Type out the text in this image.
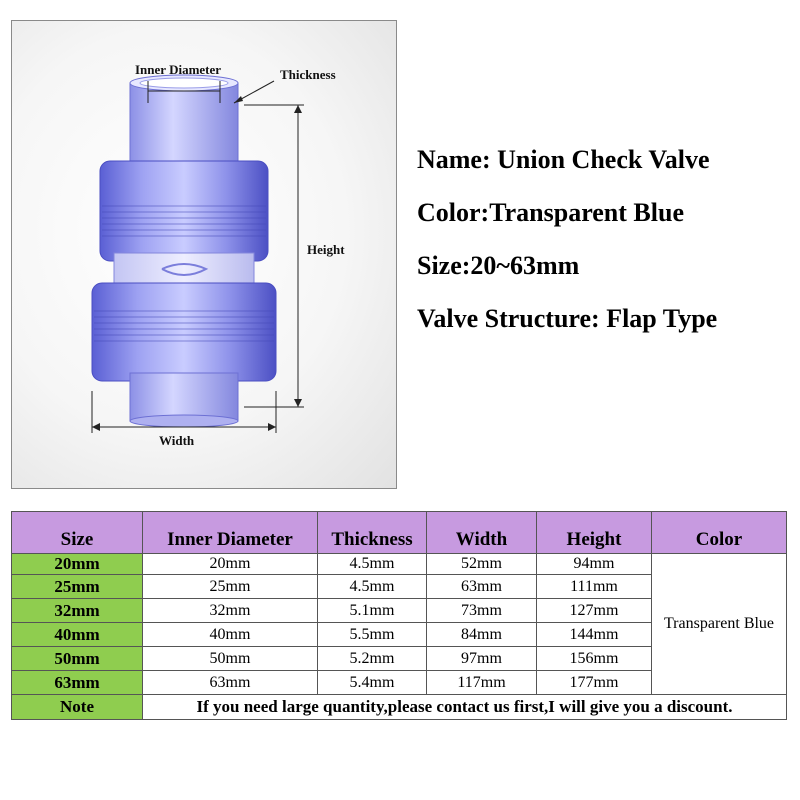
Inner Diameter	Thickness
Height
Width
Name: Union Check Valve
Color:Transparent Blue
Size:20~63mm
Valve Structure: Flap Type
Size	Inner Diameter	Thickness	Width	Height	Color
20mm	20mm	4.5mm	52mm	94mm	Transparent Blue
25mm	25mm	4.5mm	63mm	111mm	
32mm	32mm	5.1mm	73mm	127mm	
40mm	40mm	5.5mm	84mm	144mm	
50mm	50mm	5.2mm	97mm	156mm	
63mm	63mm	5.4mm	117mm	177mm	
Note	If you need large quantity,please contact us first,I will give you a discount.				
